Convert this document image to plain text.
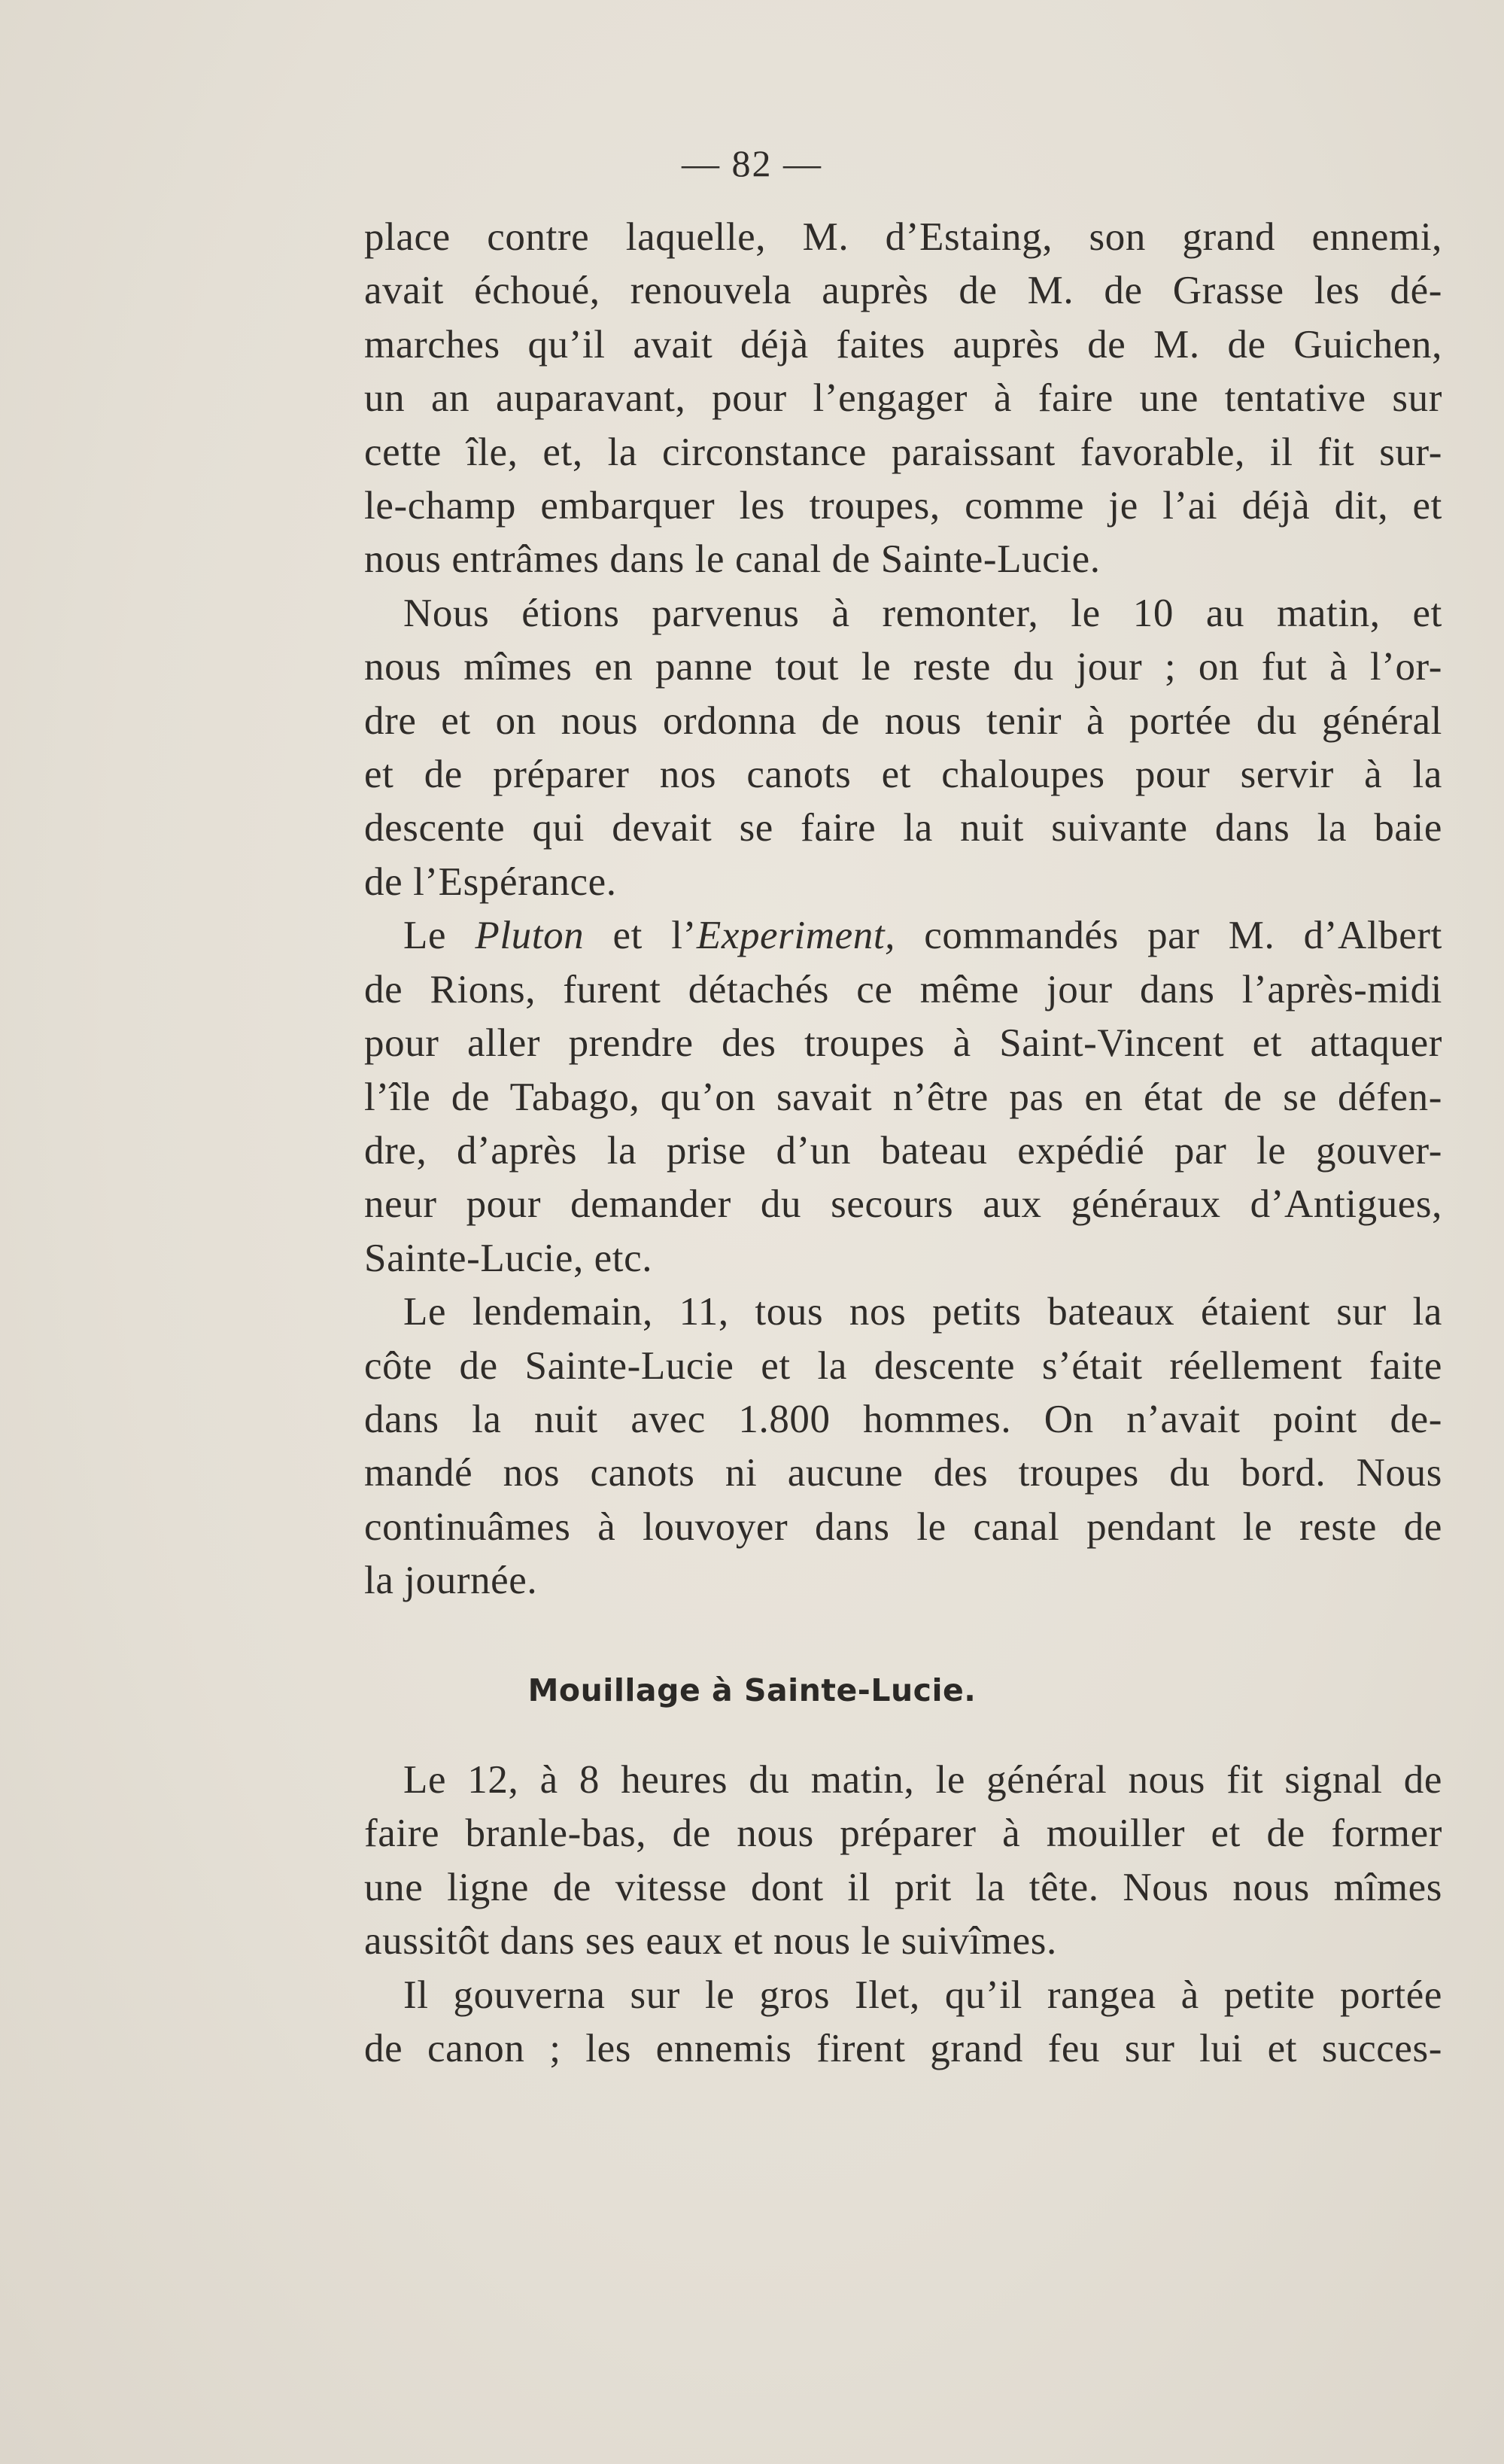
— 82 —
place contre laquelle, M. d’Estaing, son grand ennemi,
avait échoué, renouvela auprès de M. de Grasse les dé-
marches qu’il avait déjà faites auprès de M. de Guichen,
un an auparavant, pour l’engager à faire une tentative sur
cette île, et, la circonstance paraissant favorable, il fit sur-
le-champ embarquer les troupes, comme je l’ai déjà dit, et
nous entrâmes dans le canal de Sainte-Lucie.
Nous étions parvenus à remonter, le 10 au matin, et
nous mîmes en panne tout le reste du jour ; on fut à l’or-
dre et on nous ordonna de nous tenir à portée du général
et de préparer nos canots et chaloupes pour servir à la
descente qui devait se faire la nuit suivante dans la baie
de l’Espérance.
Le Pluton et l’Experiment, commandés par M. d’Albert
de Rions, furent détachés ce même jour dans l’après-midi
pour aller prendre des troupes à Saint-Vincent et attaquer
l’île de Tabago, qu’on savait n’être pas en état de se défen-
dre, d’après la prise d’un bateau expédié par le gouver-
neur pour demander du secours aux généraux d’Antigues,
Sainte-Lucie, etc.
Le lendemain, 11, tous nos petits bateaux étaient sur la
côte de Sainte-Lucie et la descente s’était réellement faite
dans la nuit avec 1.800 hommes. On n’avait point de-
mandé nos canots ni aucune des troupes du bord. Nous
continuâmes à louvoyer dans le canal pendant le reste de
la journée.
Mouillage à Sainte-Lucie.
Le 12, à 8 heures du matin, le général nous fit signal de
faire branle-bas, de nous préparer à mouiller et de former
une ligne de vitesse dont il prit la tête. Nous nous mîmes
aussitôt dans ses eaux et nous le suivîmes.
Il gouverna sur le gros Ilet, qu’il rangea à petite portée
de canon ; les ennemis firent grand feu sur lui et succes-
